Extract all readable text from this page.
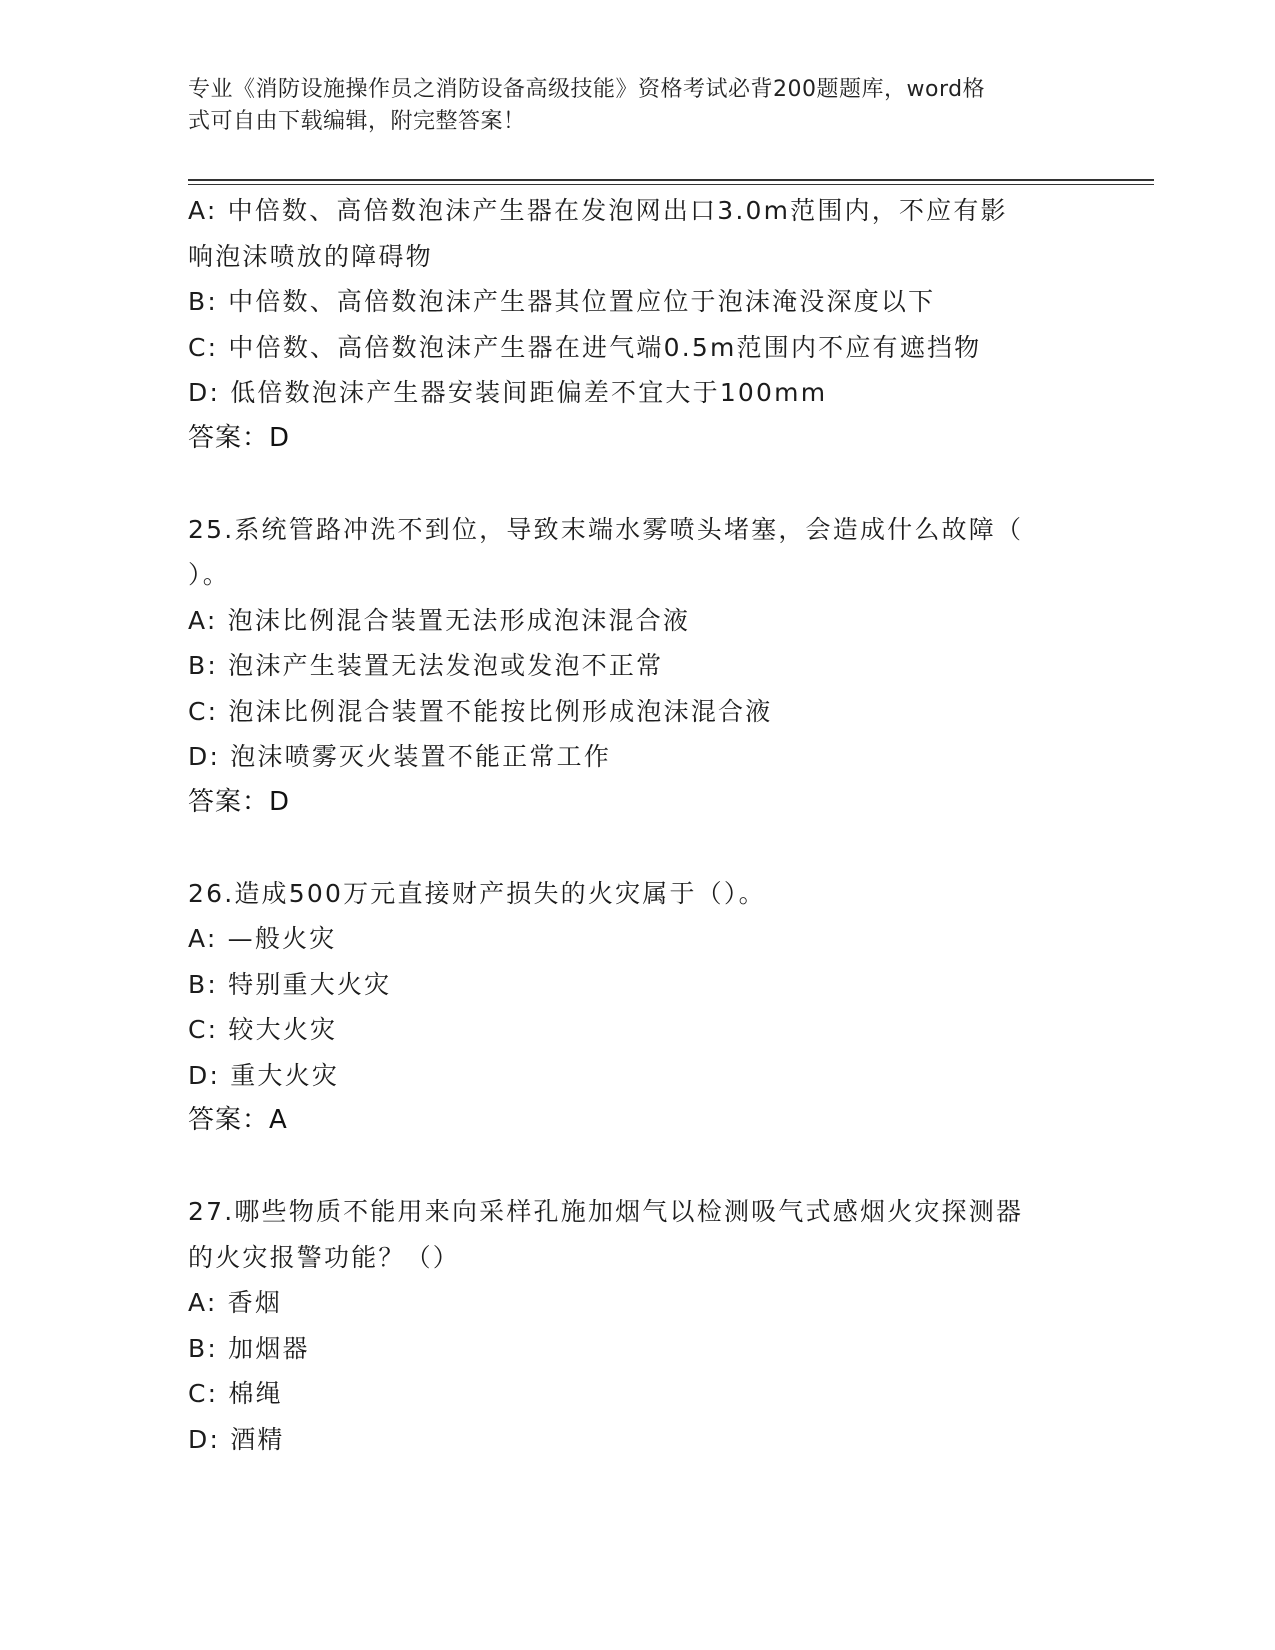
专业《消防设施操作员之消防设备高级技能》资格考试必背200题题库，word格
式可自由下载编辑，附完整答案！
A: 中倍数、高倍数泡沫产生器在发泡网出口3.0m范围内，不应有影
响泡沫喷放的障碍物
B: 中倍数、高倍数泡沫产生器其位置应位于泡沫淹没深度以下
C: 中倍数、高倍数泡沫产生器在进气端0.5m范围内不应有遮挡物
D: 低倍数泡沫产生器安装间距偏差不宜大于100mm
答案：D
25.系统管路冲洗不到位，导致末端水雾喷头堵塞，会造成什么故障（
）。
A: 泡沫比例混合装置无法形成泡沫混合液
B: 泡沫产生装置无法发泡或发泡不正常
C: 泡沫比例混合装置不能按比例形成泡沫混合液
D: 泡沫喷雾灭火装置不能正常工作
答案：D
26.造成500万元直接财产损失的火灾属于（）。
A: —般火灾
B: 特别重大火灾
C: 较大火灾
D: 重大火灾
答案：A
27.哪些物质不能用来向采样孔施加烟气以检测吸气式感烟火灾探测器
的火灾报警功能？（）
A: 香烟
B: 加烟器
C: 棉绳
D: 酒精
